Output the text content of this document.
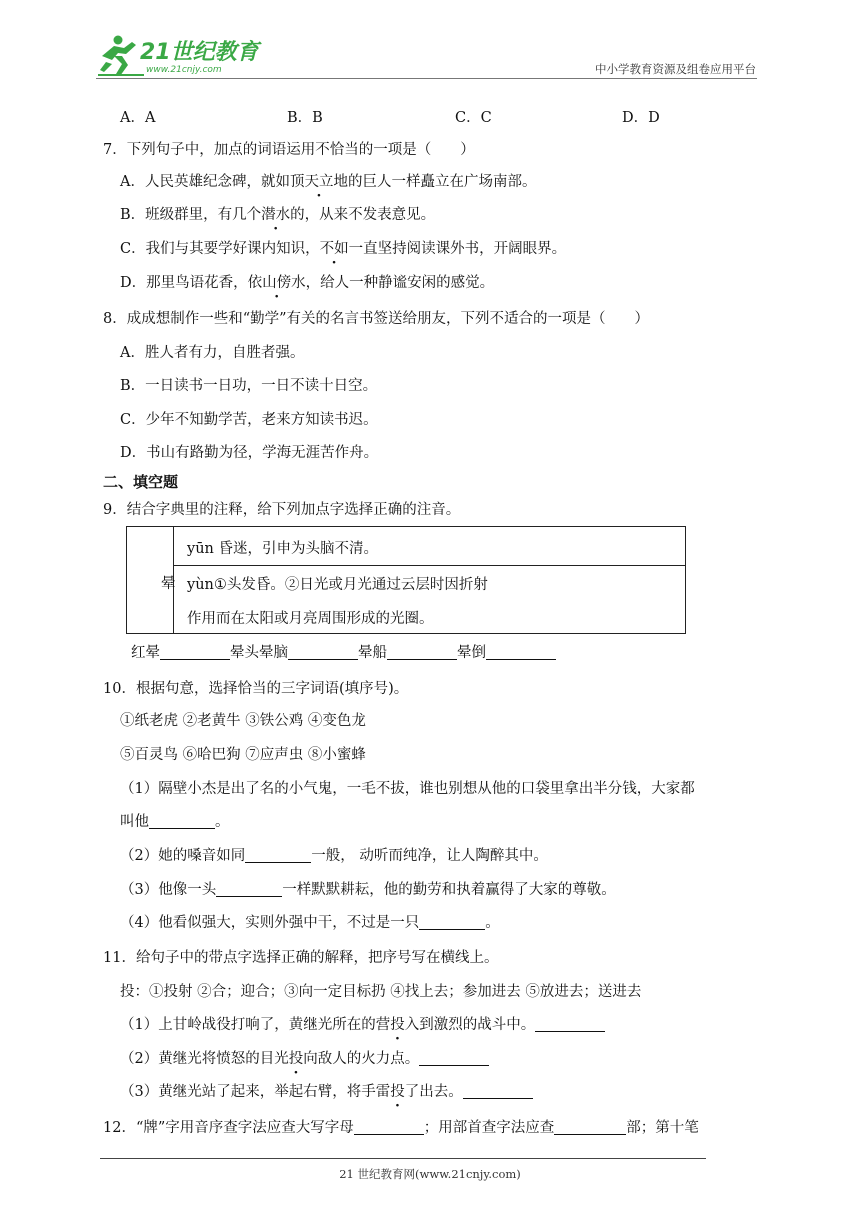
21世纪教育
www.21cnjy.com	中小学教育资源及组卷应用平台
A．A	B．B	C．C	D．D
7．下列句子中，加点的词语运用不恰当的一项是（　　）
A．人民英雄纪念碑，就如顶天立地的巨人一样矗立在广场南部。
B．班级群里，有几个潜水的，从来不发表意见。
C．我们与其要学好课内知识，不如一直坚持阅读课外书，开阔眼界。
D．那里鸟语花香，依山傍水，给人一种静谧安闲的感觉。
8．成成想制作一些和“勤学”有关的名言书签送给朋友，下列不适合的一项是（　　）
A．胜人者有力，自胜者强。
B．一日读书一日功，一日不读十日空。
C．少年不知勤学苦，老来方知读书迟。
D．书山有路勤为径，学海无涯苦作舟。
二、填空题
9．结合字典里的注释，给下列加点字选择正确的注音。
晕
yūn 昏迷，引申为头脑不清。
yùn①头发昏。②日光或月光通过云层时因折射
作用而在太阳或月亮周围形成的光圈。
红晕	晕头晕脑	晕船	晕倒
10．根据句意，选择恰当的三字词语(填序号)。
①纸老虎 ②老黄牛 ③铁公鸡 ④变色龙
⑤百灵鸟 ⑥哈巴狗 ⑦应声虫 ⑧小蜜蜂
（1）隔壁小杰是出了名的小气鬼，一毛不拔，谁也别想从他的口袋里拿出半分钱，大家都
叫他	。
（2）她的嗓音如同	一般， 动听而纯净，让人陶醉其中。
（3）他像一头	一样默默耕耘，他的勤劳和执着赢得了大家的尊敬。
（4）他看似强大，实则外强中干，不过是一只	。
11．给句子中的带点字选择正确的解释，把序号写在横线上。
投：①投射 ②合；迎合；③向一定目标扔 ④找上去；参加进去 ⑤放进去；送进去
（1）上甘岭战役打响了，黄继光所在的营投入到激烈的战斗中。
（2）黄继光将愤怒的目光投向敌人的火力点。
（3）黄继光站了起来，举起右臂，将手雷投了出去。
12．“牌”字用音序查字法应查大写字母	；用部首查字法应查	部；第十笔
21 世纪教育网(www.21cnjy.com)
